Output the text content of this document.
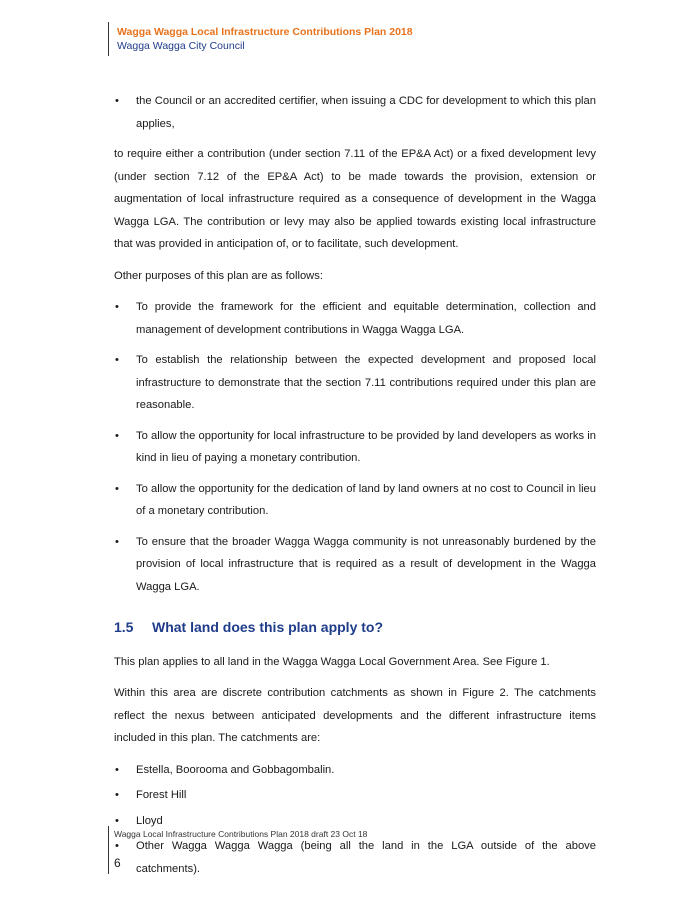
Wagga Wagga Local Infrastructure Contributions Plan 2018
Wagga Wagga City Council
• the Council or an accredited certifier, when issuing a CDC for development to which this plan applies,

to require either a contribution (under section 7.11 of the EP&A Act) or a fixed development levy (under section 7.12 of the EP&A Act) to be made towards the provision, extension or augmentation of local infrastructure required as a consequence of development in the Wagga Wagga LGA. The contribution or levy may also be applied towards existing local infrastructure that was provided in anticipation of, or to facilitate, such development.

Other purposes of this plan are as follows:

• To provide the framework for the efficient and equitable determination, collection and management of development contributions in Wagga Wagga LGA.
• To establish the relationship between the expected development and proposed local infrastructure to demonstrate that the section 7.11 contributions required under this plan are reasonable.
• To allow the opportunity for local infrastructure to be provided by land developers as works in kind in lieu of paying a monetary contribution.
• To allow the opportunity for the dedication of land by land owners at no cost to Council in lieu of a monetary contribution.
• To ensure that the broader Wagga Wagga community is not unreasonably burdened by the provision of local infrastructure that is required as a result of development in the Wagga Wagga LGA.
1.5	What land does this plan apply to?

This plan applies to all land in the Wagga Wagga Local Government Area. See Figure 1.

Within this area are discrete contribution catchments as shown in Figure 2. The catchments reflect the nexus between anticipated developments and the different infrastructure items included in this plan. The catchments are:

• Estella, Boorooma and Gobbagombalin.
• Forest Hill
• Lloyd
• Other Wagga Wagga Wagga (being all the land in the LGA outside of the above catchments).
Wagga Local Infrastructure Contributions Plan 2018 draft 23 Oct 18
6
